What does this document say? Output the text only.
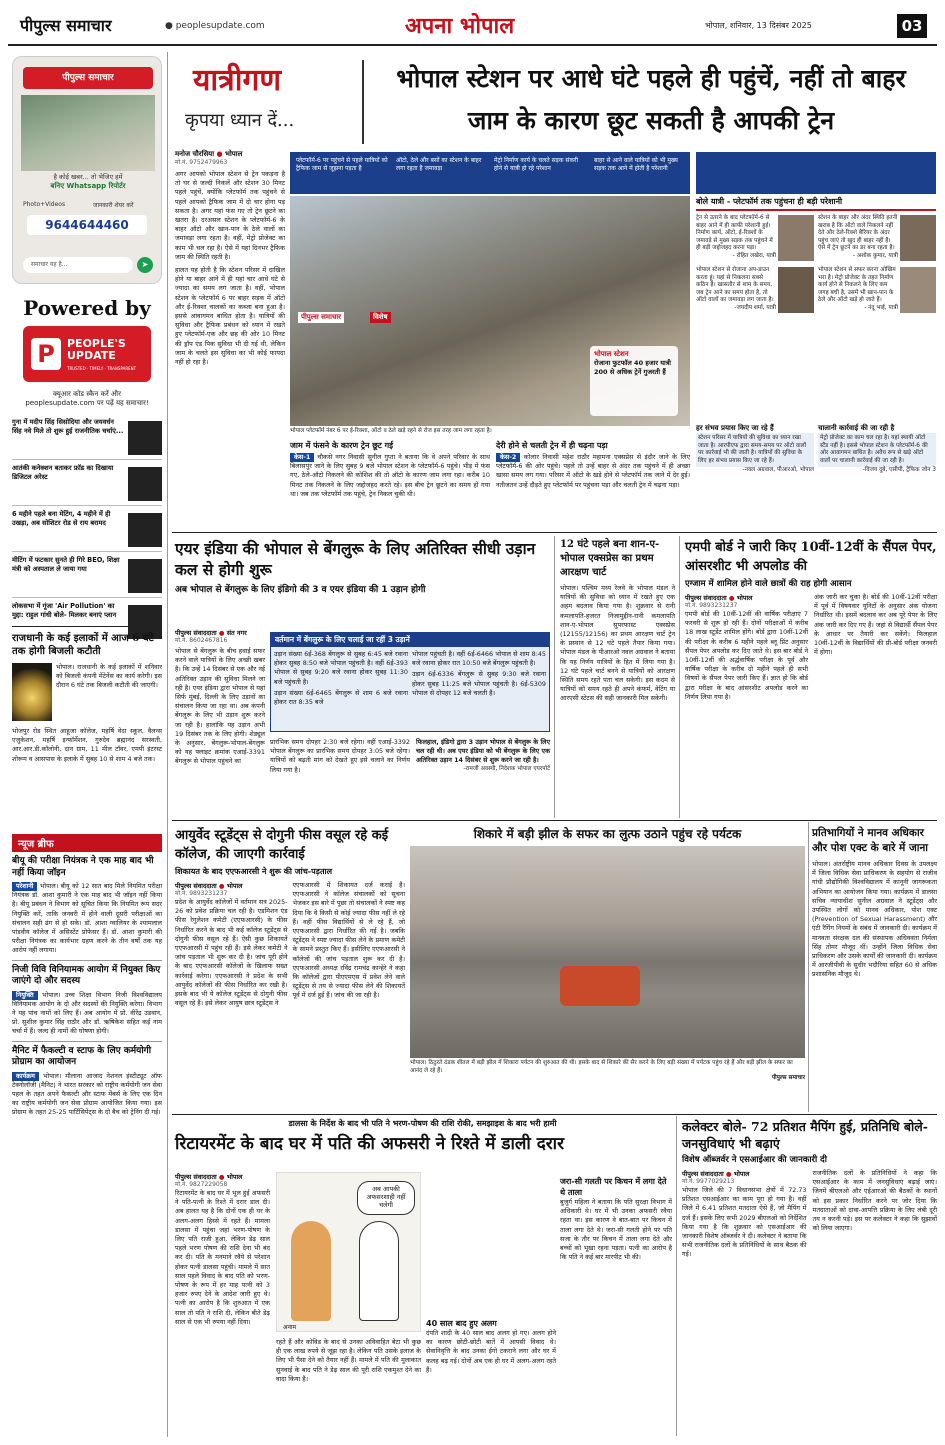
पीपुल्स समाचार	● peoplesupdate.com	अपना भोपाल	भोपाल, शनिवार, 13 दिसंबर 2025	03
पीपुल्स समाचार
है कोई खबर... तो भेजिए हमें
बनिए Whatsapp रिपोर्टर
Photo+Videos	जानकारी शेयर करें
9644644460
समाचार यह है...	➤
Powered by
P	PEOPLE'S UPDATE
TRUSTED · TIMELY · TRANSPARENT
क्यूआर कोड स्कैन करें और
peoplesupdate.com पर पढ़ें यह समाचार!
गुना में मदीप सिंह सिसोदिया और जयवर्धन सिंह नवे मिले तो शुरू हुई राजनीतिक चर्चाएं...
आतंकी कनेक्शन बताकर फ्रॉड का दिखाया डिजिटल अरेस्ट
6 महीने पहले बना मेटिंग, 4 महीने में ही उखड़ा, अब सोशिटर रोड से राय बरामद
मीटिंग में फटकार सुनते ही गिरे BEO, शिक्षा मंत्री को अस्पताल ले जाया गया
लोकसभा में गूंजा 'Air Pollution' का मुद्दा: राहुल गांधी बोले- मिलकर बनाएं प्लान
राजधानी के कई इलाकों में आज 6 घंटे तक होगी बिजली कटौती
भोपाल। राजधानी के कई इलाकों में शनिवार को बिजली कंपनी मेंटेनेंस का कार्य करेगी। इस दौरान 6 घंटे तक बिजली कटौती की जाएगी।
भोजपुर रोड स्थित आहूजा कॉलेज, महर्षि वेदा स्कूल, वैलन्स एजुकेशन, महर्षि इन्फॉर्मेशन, गुरुदेव ब्रह्मानंद सरस्वती, आर.आर.डी.कॉलोनी, दान ग्राम, 11 मील टॉवर, एमपी इंटरस्ट शोरूम व आसपास के इलाके में सुबह 10 से शाम 4 बजे तक।
न्यूज ब्रीफ
बीयू की परीक्षा नियंत्रक ने एक माह बाद भी नहीं किया जॉइन
परेशानी भोपाल। बीयू को 12 सात बाद मिले नियमित परीक्षा नियंत्रक डॉ. आशा कुमारी ने एक माह बाद भी जॉइन नहीं किया है। बीयू प्रबंधन ने विभाग को सूचित किया कि नियमित रूप सदर नियुक्ति करें, ताकि जनवरी में होने वाली दूसरी परीक्षाओं का संचालन सही ढंग से हो सके। डॉ. आशा ग्वालियर के श्यामलाल पांडवीय कॉलेज में असिस्टेंट प्रोफेसर हैं। डॉ. आशा कुमारी की परीक्षा नियंत्रक का कार्यभार ग्रहण करने के तीन वर्षों तक यह आरोप नहीं लगाया।
निजी विवि विनियामक आयोग में नियुक्त किए जाएंगे दो और सदस्य
नियुक्ति भोपाल। उच्च शिक्षा विभाग निजी विश्वविद्यालय विनियामक आयोग के दो और सदस्यों की नियुक्ति करेगा। विभाग ने यह पांच नामों को लिए हैं। अब आयोग में प्रो. वीरेंद्र उडवान, प्रो. सुशील कुमार सिंह राठौर और डॉ. ऋषिकेश सहित कई नाम चर्चा में हैं। जल्द ही नामों की घोषणा होगी।
मैनिट में फैकल्टी व स्टाफ के लिए कर्मयोगी प्रोग्राम का आयोजन
कार्यक्रम भोपाल। मौलाना आजाद नेशनल इंस्टीट्यूट ऑफ टेक्नोलॉजी (मैनिट) ने भारत सरकार को राष्ट्रीय कर्मयोगी जन सेवा पहल के तहत अपने फैकल्टी और स्टाफ मेंबर्स के लिए एक दिन का राष्ट्रीय कर्मयोगी जन सेवा प्रोग्राम आयोजित किया गया। इस प्रोग्राम के तहत 25-25 पार्टिसिपेंट्स के दो बैच को ट्रेनिंग दी गई।
यात्रीगण
कृपया ध्यान दें...
भोपाल स्टेशन पर आधे घंटे पहले ही पहुंचें, नहीं तो बाहर जाम के कारण छूट सकती है आपकी ट्रेन
मनोज चौरसिया ● भोपाल
मो.नं. 9752479963
अगर आपको भोपाल स्टेशन से ट्रेन पकड़ना है तो घर से जल्दी निकलें और स्टेशन 30 मिनट पहले पहुंचें, क्योंकि प्लेटफॉर्म तक पहुंचने से पहले आपको ट्रैफिक जाम में दो चार होना पड़ सकता है। अगर यहां फंस गए तो ट्रेन छूटने का खतरा है। दरअसल स्टेशन के प्लेटफॉर्म-6 के बाहर ऑटो और खान-पान के ठेले वालों का जमावड़ा लगा रहता है। वहीं, मेट्रो प्रोजेक्ट का काम भी चल रहा है। ऐसे में यहां दिनभर ट्रैफिक जाम की स्थिति रहती है।
हालत यह होती है कि स्टेशन परिसर में दाखिल होने या बाहर आने में ही यहां चार आधे घंटे से ज्यादा का समय लग जाता है। वहीं, भोपाल स्टेशन के प्लेटफॉर्म 6 पर बाहर सड़क में ऑटो और ई-रिक्शा चालकों का कब्जा बना हुआ है। इससे आवागमन बाधित होता है। यात्रियों की सुविधा और ट्रैफिक प्रबंधन को ध्यान में रखते हुए प्लेटफॉर्म-एक और छह की ओर 10 मिनट की ड्रॉप एंड पिक सुविधा भी दी गई थी, लेकिन जाम के चलते इस सुविधा का भी कोई फायदा नहीं हो रहा है।
प्लेटफॉर्म-6 पर पहुंचने से पहले यात्रियों को ट्रैफिक जाम से जूझना पड़ता है
ऑटो, ठेले और बसों का स्टेशन के बाहर लगा रहता है जमावड़ा
मेट्रो निर्माण कार्य के चलते सड़क संकरी होने से यात्री हो रहे परेशान
बाहर से आने वाले यात्रियों को भी मुख्य सड़क तक आने में होती है परेशानी
पीपुल्स समाचार	विशेष
भोपाल स्टेशन
रोजाना फुटफॉल 40 हजार यात्री 200 से अधिक ट्रेनें गुजरती हैं
भोपाल प्लेटफॉर्म नंबर 6 पर ई-रिक्शा, ऑटो व ठेले खड़े रहने से रोज इस तरह जाम लगा रहता है।
बोले यात्री - प्लेटफॉर्म तक पहुंचना ही बड़ी परेशानी
ट्रेन से उतरने के बाद प्लेटफॉर्म-6 से बाहर आने में ही काफी परेशानी हुई। निर्माण कार्य, ऑटो, ई-रिक्शों के जमावड़े से मुख्य सड़क तक पहुंचने में ही बड़ी जद्दोजहद करना पड़ा।
- रोहित लखेरा, यात्री
स्टेशन के बाहर और अंदर स्थिति इतनी खराब है कि ऑटो वाले निकलने नहीं देते और ठेले-रिक्शे बैरियर के अंदर पहुंच जाएं तो खुद ही बाहर नहीं हैं। ऐसे में ट्रेन छूटने का डर बना रहता है।
- अशोक कुमार, यात्री
भोपाल स्टेशन से रोजाना अप-डाउन करता हूं। यहां से निकलना सबसे कठिन है। खासतौर से शाम के समय, जब ट्रेन आने का समय होता है, तो ऑटो वालों का जमावड़ा लग जाता है।
-जयदीप शर्मा, यात्री
भोपाल स्टेशन से सफर करना ओखिम भरा है। मेट्रो प्रोजेक्ट के तहत निर्माण कार्य होने से निकलने के लिए कम जगह बची है, उसमें भी खान-पान के ठेले और ऑटो खड़े हो जाते हैं।
- नंदू भाई, यात्री
हर संभव प्रयास किए जा रहे हैं
स्टेशन परिसर में यात्रियों की सुविधा का ध्यान रखा जाता है। आरपीएफ द्वारा समय-समय पर ऑटो वालों पर कार्रवाई भी की जाती है। यात्रियों की सुविधा के लिए हर संभव प्रयास किए जा रहे हैं।
-नवल अग्रवाल, पीआरओ, भोपाल
चालानी कार्रवाई की जा रही है
मेट्रो प्रोजेक्ट का काम चल रहा है। यहां स्थायी ऑटो स्टैंड नहीं है। इससे भोपाल स्टेशन के प्लेटफॉर्म-6 की ओर आवागमन बाधित है। अवैध रूप से खड़े ऑटो वालों पर चालानी कार्रवाई की जा रही है।
-विजय दुबे, एसीपी, ट्रैफिक जोन 3
जाम में फंसने के कारण ट्रेन छूट गई
केस-1 चौकसे नगर निवासी सुनील गुप्ता ने बताया कि वे अपने परिवार के साथ बिलासपुर जाने के लिए सुबह 9 बजे भोपाल स्टेशन के प्लेटफॉर्म-6 पहुंचे। भीड़ में फंस गए, ठेले-ऑटो निकलने की कोशिश की तो ऑटो के कारण जाम लगा रहा। करीब 10 मिनट तक निकलने के लिए जद्दोजहद करते रहे। इस बीच ट्रेन छूटने का समय हो गया था। जब तक प्लेटफॉर्म तक पहुंचे, ट्रेन निकल चुकी थी।
देरी होने से चलती ट्रेन में ही चढ़ना पड़ा
केस-2 कोलार निवासी महेश राठौर महामना एक्सप्रेस से इंदौर जाने के लिए प्लेटफॉर्म-6 की ओर पहुंचे। पहले तो उन्हें बाहर से अंदर तक पहुंचने में ही अच्छा खासा समय लग गया। परिसर में ऑटो के खड़े होने से प्लेटफॉर्म तक जाने में देर हुई। नतीजतन उन्हें दौड़ते हुए प्लेटफॉर्म पर पहुंचना पड़ा और चलती ट्रेन में चढ़ना पड़ा।
एयर इंडिया की भोपाल से बेंगलुरू के लिए अतिरिक्त सीधी उड़ान कल से होगी शुरू
अब भोपाल से बेंगलुरू के लिए इंडिगो की 3 व एयर इंडिया की 1 उड़ान होगी
पीपुल्स संवाददाता ● संत नगर
मो.नं. 8602467816
भोपाल से बेंगलुरू के बीच हवाई सफर करने वाले यात्रियों के लिए अच्छी खबर है। कि उन्हें 14 दिसंबर से एक और नई अतिरिक्त उड़ान की सुविधा मिलने जा रही है। एयर इंडिया द्वारा भोपाल से यहां सिर्फ मुंबई, दिल्ली के लिए उड़ानों का संचालन किया जा रहा था। अब कंपनी बेंगलुरू के लिए भी उड़ान शुरू करने जा रही है। हालांकि यह उड़ान अभी 19 दिसंबर तक के लिए होगी। शेड्यूल के अनुसार, बेंगलुरू-भोपाल-बेंगलुरू को यह फ्लाइट क्रमांक एआई-3391 बेंगलुरू से भोपाल पहुंचने का
वर्तमान में बेंगलुरू के लिए चलाई जा रहीं 3 उड़ानें
उड़ान संख्या 6ई-368 बेंगलुरू से सुबह 6:45 बजे रवाना होकर सुबह 8:50 बजे भोपाल पहुंचती है। वहीं 6ई-393 भोपाल से सुबह 9:20 बजे रवाना होकर सुबह 11:30 बजे पहुंचती है।
उड़ान संख्या 6ई-6465 बेंगलुरू से शाम 6 बजे रवाना होकर रात 8:35 बजे
भोपाल पहुंचती है। वहीं 6ई-6466 भोपाल से शाम 8:45 बजे रवाना होकर रात 10:50 बजे बेंगलुरू पहुंचती है।
उड़ान 6ई-6336 बेंगलुरू से सुबह 9:30 बजे रवाना होकर सुबह 11:25 बजे भोपाल पहुंचती है। 6ई-5309 भोपाल से दोपहर 12 बजे चलती है।
प्रारंभिक समय दोपहर 2:30 बजे रहेगा। वहीं एआई-3392 भोपाल बेंगलुरू का प्रारंभिक समय दोपहर 3:05 बजे रहेगा। यात्रियों को बढ़ती मांग को देखते हुए इसे चलाने का निर्णय लिया गया है।
फिलहाल, इंडिगो द्वारा 3 उड़ान भोपाल से बेंगलुरू के लिए चल रही थी। अब एयर इंडिया को भी बेंगलुरू के लिए एक अतिरिक्त उड़ान 14 दिसंबर से शुरू करने जा रही है।
-रामजी अवस्थी, निदेशक भोपाल एयरपोर्ट
12 घंटे पहले बना शान-ए-भोपाल एक्सप्रेस का प्रथम आरक्षण चार्ट
भोपाल। पश्चिम मध्य रेलवे के भोपाल मंडल ने यात्रियों की सुविधा को ध्यान में रखते हुए एक अहम बदलाव किया गया है। शुक्रवार से रानी कमलापति-हजरत निजामुद्दीन-रानी कमलापति शान-ए-भोपाल सुपरफास्ट एक्सप्रेस (12155/12156) का प्रथम आरक्षण चार्ट ट्रेन के प्रस्थान से 12 घंटे पहले तैयार किया गया। भोपाल मंडल के पीआरओ नवल अग्रवाल ने बताया कि यह निर्णय यात्रियों के हित में लिया गया है। 12 घंटे पहले चार्ट बनने से यात्रियों को आरक्षण स्थिति समय रहते पता चल सकेगी। इस कदम से यात्रियों को समय रहते ही अपने कंफर्म, वेटिंग या आरएसी स्टेटस की सही जानकारी मिल सकेगी।
एमपी बोर्ड ने जारी किए 10वीं-12वीं के सैंपल पेपर, आंसरशीट भी अपलोड की
एग्जाम में शामिल होने वाले छात्रों की राह होगी आसान
पीपुल्स संवाददाता ● भोपाल
मो.नं. 9893231237
एमपी बोर्ड की 10वीं-12वीं की वार्षिक परीक्षाएं 7 फरवरी से शुरू हो रही हैं। दोनों परीक्षाओं में करीब 18 लाख स्टूडेंट शामिल होंगे। बोर्ड द्वारा 10वीं-12वीं की परीक्षा के करीब 6 महीने पहले ब्लू प्रिंट अनुसार सैंपल पेपर अपलोड कर दिए जाते थे। इस बार बोर्ड ने 10वीं-12वीं की अर्द्धवार्षिक परीक्षा के पूर्व और वार्षिक परीक्षा के करीब दो महीने पहले ही सभी विषयों के सैंपल पेपर जारी किए हैं। ज्ञात हो कि बोर्ड द्वारा परीक्षा के बाद आंसरशीट अपलोड करने का निर्णय लिया गया है।
अंक जारी कर चुका है। बोर्ड की 10वीं-12वीं परीक्षा में पूर्व में विषयवार यूनिटों के अनुसार अंक योजना निर्धारित थी। इसमें बदलाव कर अब पूरे पेपर के लिए अंक जारी कर दिए गए हैं। जहां से विद्यार्थी सैंपल पेपर के आधार पर तैयारी कर सकेंगे। फिलहाल 10वीं-12वीं के विद्यार्थियों की प्री-बोर्ड परीक्षा जनवरी में होगा।
आयुर्वेद स्टूडेंट्स से दोगुनी फीस वसूल रहे कई कॉलेज, की जाएगी कार्रवाई
शिकायत के बाद एएफआरसी ने शुरू की जांच-पड़ताल
पीपुल्स संवाददाता ● भोपाल
मो.नं. 9893231237
प्रदेश के आयुर्वेद कॉलेजों में वर्तमान सत्र 2025-26 को प्रवेश प्रक्रिया चल रही है। एडमिशन एंड फीस रेगुलेशन कमेटी (एएफआरसी) के फीस निर्धारित करने के बाद भी कई कॉलेज स्टूडेंट्स से दोगुनी फीस वसूल रहे हैं। ऐसी कुछ शिकायतें एएफआरसी में पहुंच रही हैं। इसे लेकर कमेटी ने जांच पड़ताल भी शुरू कर दी है। जांच पूरी होने के बाद एएफआरसी कॉलेजों के खिलाफ सख्त कार्रवाई करेगा। एएफआरसी ने प्रदेश के सभी आयुर्वेद कॉलेजों की फीस निर्धारित कर रखी है। इसके बाद भी ये कॉलेज स्टूडेंट्स से दोगुनी फीस वसूल रहे हैं। इसे लेकर आयुष छात्र स्टूडेंट्स ने
एएफआरसी में शिकायत दर्ज कराई है। एएफआरसी ने कॉलेज संचालकों को सूचना भेजकर इस बारे में पूछा तो संचालकों ने स्पष्ट कह दिया कि वे किसी से कोई ज्यादा फीस नहीं ले रहे हैं। वहीं फीस विद्यार्थियों से ले रहे हैं, जो एएफआरसी द्वारा निर्धारित की गई है। जबकि स्टूडेंट्स ने स्पष्ट ज्यादा फीस लेने के प्रमाण कमेटी के सामने प्रस्तुत किए हैं। इसीलिए एएफआरसी ने कॉलेजों की जांच पड़ताल शुरू कर दी है। एएफआरसी अध्यक्ष रविंद्र रामचंद्र कान्हेरे ने कहा कि कॉलेजों द्वारा पीएएमएस में प्रवेश लेने वाले स्टूडेंट्स से तय से ज्यादा फीस लेने की शिकायतें पूर्व में दर्ज हुई हैं। जांच की जा रही है।
शिकारे में बड़ी झील के सफर का लुत्फ उठाने पहुंच रहे पर्यटक
भोपाल। ठिठुरते ठंडक शीतल में बड़ी झील में शिकारा पर्यटन की शुरुआत की थी। इसके बाद से शिकारे की सैर करने के लिए बड़ी संख्या में पर्यटक पहुंच रहे हैं और बड़ी झील के सफर का आनंद ले रहे हैं।
पीपुल्स समाचार
प्रतिभागियों ने मानव अधिकार और पोश एक्ट के बारे में जाना
भोपाल। अंतर्राष्ट्रीय मानव अधिकार दिवस के उपलक्ष्य में जिला विधिक सेवा प्राधिकरण के सहयोग से राजीव गांधी प्रौद्योगिकी विश्वविद्यालय में कानूनी जागरूकता अभियान का आयोजन किया गया। कार्यक्रम में डालसा सचिव न्यायाधीश सुनील अग्रवाल ने स्टूडेंट्स और उपस्थित लोगों को मानव अधिकार, पोश एक्ट (Prevention of Sexual Harassment) और एंटी रैगिंग नियमों के संबंध में जानकारी दी। कार्यक्रम में मानवता संरक्षक दल की संस्थापक अधिवक्ता निर्मला सिंह तोमर मौजूद थीं। उन्होंने जिला विधिक सेवा प्राधिकरण और उसके कार्यों की जानकारी दी। कार्यक्रम में आरजीपीवी के सुधीर भदौरिया सहित 60 से अधिक प्रशासनिक मौजूद थे।
डालसा के निर्देश के बाद भी पति ने भरण-पोषण की राशि रोकी, समझाइश के बाद भरी हामी
रिटायरमेंट के बाद घर में पति की अफसरी ने रिश्ते में डाली दरार
पीपुल्स संवाददाता ● भोपाल
मो.नं. 9827229058
रिटायरमेंट के बाद घर में भूल हुई अफसरी ने पति-पत्नी के रिश्ते में दरार डाल दी। अब हालत यह है कि दोनों एक ही घर के अलग-अलग हिस्से में रहते हैं। मामला डालसा में पहुंचा जहां भरण-पोषण के लिए पति राजी हुआ, लेकिन डेढ़ साल पहले भरण पोषण की राशि देना भी बंद कर दी। पति के मनमाने रवैये से परेशान होकर पत्नी डालसा पहुंची। मामले में सात साल पहले विवाद के बाद पति को भरण-पोषण के रूप में हर माह पत्नी को 3 हजार रुपए देने के आदेश जारी हुए थे। पत्नी का आरोप है कि शुरुआत में एक साल तो पति ने राशि दी, लेकिन बीते डेढ़ साल से एक भी रुपया नहीं दिया।
अब आपकी अफसरशाही नहीं चलेगी
अनाम
रहते हैं और कोविड के बाद से उनका अविवाहित बेटा भी कुछ ही एक लाख रुपये से जूझ रहा है। लेकिन पति उसके इलाज के लिए भी पैसा देने को तैयार नहीं हैं। मामले में पति की मुलाकात सुनवाई के बाद पति ने डेढ़ साल की पूरी राशि एकमुश्त देने का वादा किया है।
40 साल बाद हुए अलग
दंपति शादी के 40 साल बाद अलग हो गए। अलग होने का कारण छोटी-छोटी बातें में आपसी विवाद थे। सेवानिवृत्ति के बाद उनका ईगो टकराने लगा और घर में कलह बढ़ गई। दोनों अब एक ही घर में अलग-अलग रहते हैं।
जरा-सी गलती पर किचन में लगा देते थे ताला
बुजुर्ग महिला ने बताया कि पति सुरक्षा विभाग में अधिकारी थे। घर में भी उनका अफसरी रवैया रहता था। इस कारण वे बात-बात पर किचन में ताला लगा देते थे। जरा-सी गलती होने पर पति सजा के तौर पर किचन में ताला लगा देते और बच्चों को भूखा रहना पड़ता। पत्नी का आरोप है कि पति ने कई बार मारपीट भी की।
कलेक्टर बोले- 72 प्रतिशत मैपिंग हुई, प्रतिनिधि बोले- जनसुविधाएं भी बढ़ाएं
विशेष ऑब्जर्वर ने एसआईआर की जानकारी दी
पीपुल्स संवाददाता ● भोपाल
मो.नं. 9977029213
भोपाल जिले की 7 विधानसभा क्षेत्रों में 72.73 प्रतिशत एसआईआर का काम पूरा हो गया है। वहीं जिले में 6.41 प्रतिशत मतदाता ऐसे हैं, जो मैपिंग में दर्ज हैं। इसके लिए सभी 2029 बीएलओ को निर्देशित किया गया है कि शुक्रवार को एसआईआर की जानकारी विशेष ऑब्जर्वर ने दी। कलेक्टर ने बताया कि सभी राजनीतिक दलों के प्रतिनिधियों के साथ बैठक की गई।
राजनीतिक दलों के प्रतिनिधियों ने कहा कि एसआईआर के काम में जनसुविधाएं बढ़ाई जाएं। जिनमें बीएलओ और एईआरओ की बैठकों के स्थानों को इस प्रकार निर्धारित करने पर जोर दिया कि मतदाताओं को दावा-आपत्ति प्रक्रिया के लिए लंबी दूरी तय न करनी पड़े। इस पर कलेक्टर ने कहा कि सुझावों को लिया जाएगा।
